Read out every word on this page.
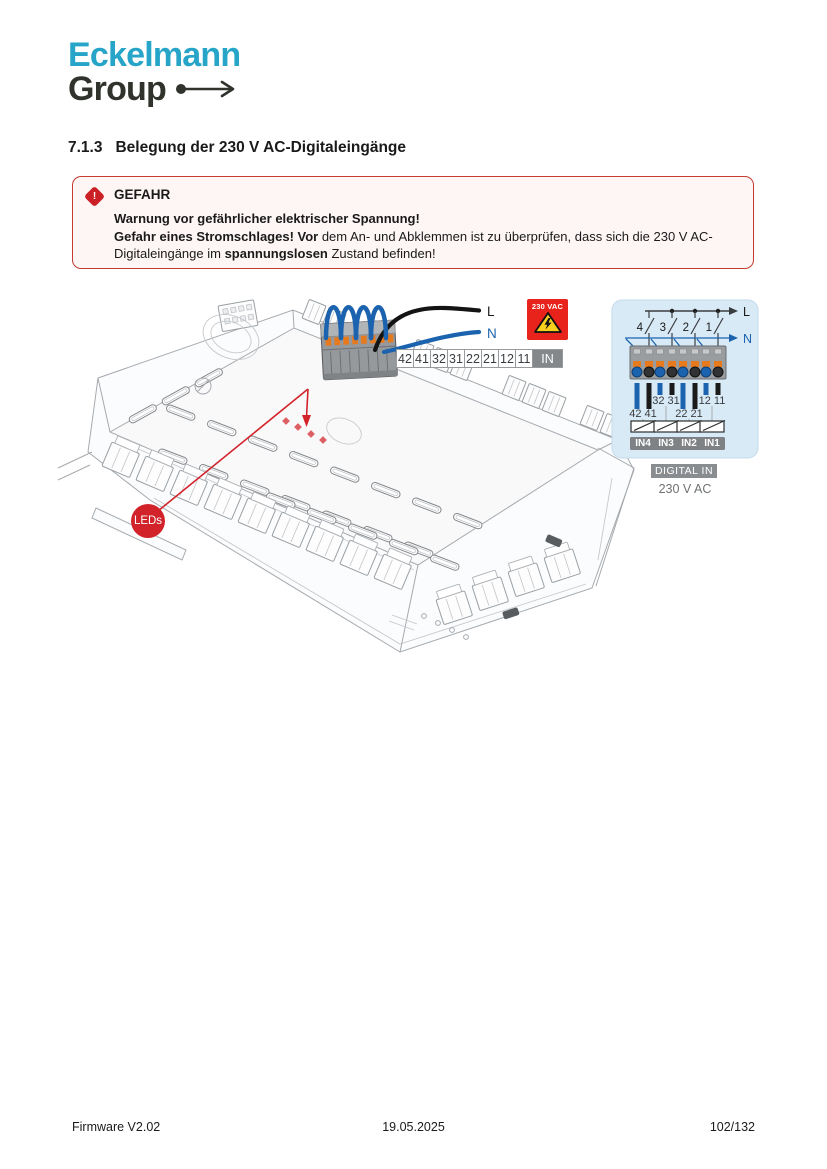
Eckelmann
Group
7.1.3 Belegung der 230 V AC-Digitaleingänge
!	GEFAHR
Warnung vor gefährlicher elektrischer Spannung!
Gefahr eines Stromschlages! Vor dem An- und Abklemmen ist zu überprüfen, dass sich die 230 V AC-Digitaleingänge im spannungslosen Zustand befinden!
L
N
L
4 3 2 1
N
32 31 12 11
42 41 22 21
42 41 32 31 22 21 12 11 IN
230 VAC
LEDs
IN4 IN3 IN2 IN1
DIGITAL IN
230 V AC
Firmware V2.02	19.05.2025	102/132
